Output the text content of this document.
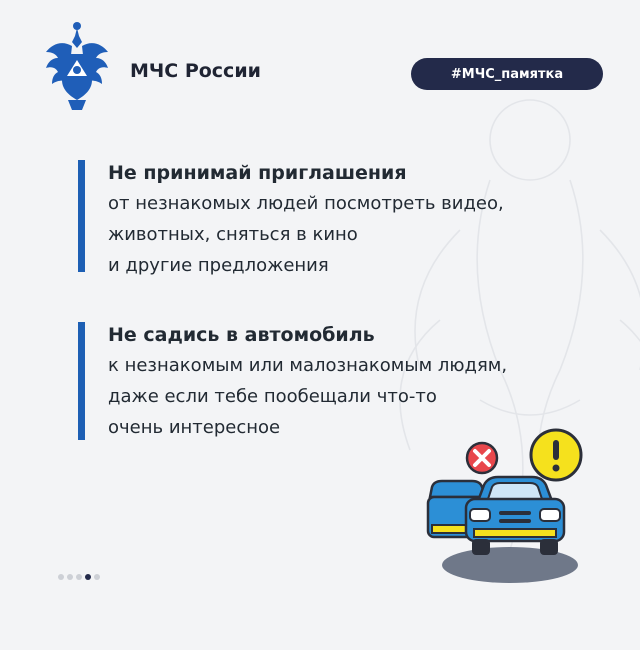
МЧС России	#МЧС_памятка
Не принимай приглашения
от незнакомых людей посмотреть видео,
животных, сняться в кино
и другие предложения
Не садись в автомобиль
к незнакомым или малознакомым людям,
даже если тебе пообещали что-то
очень интересное
